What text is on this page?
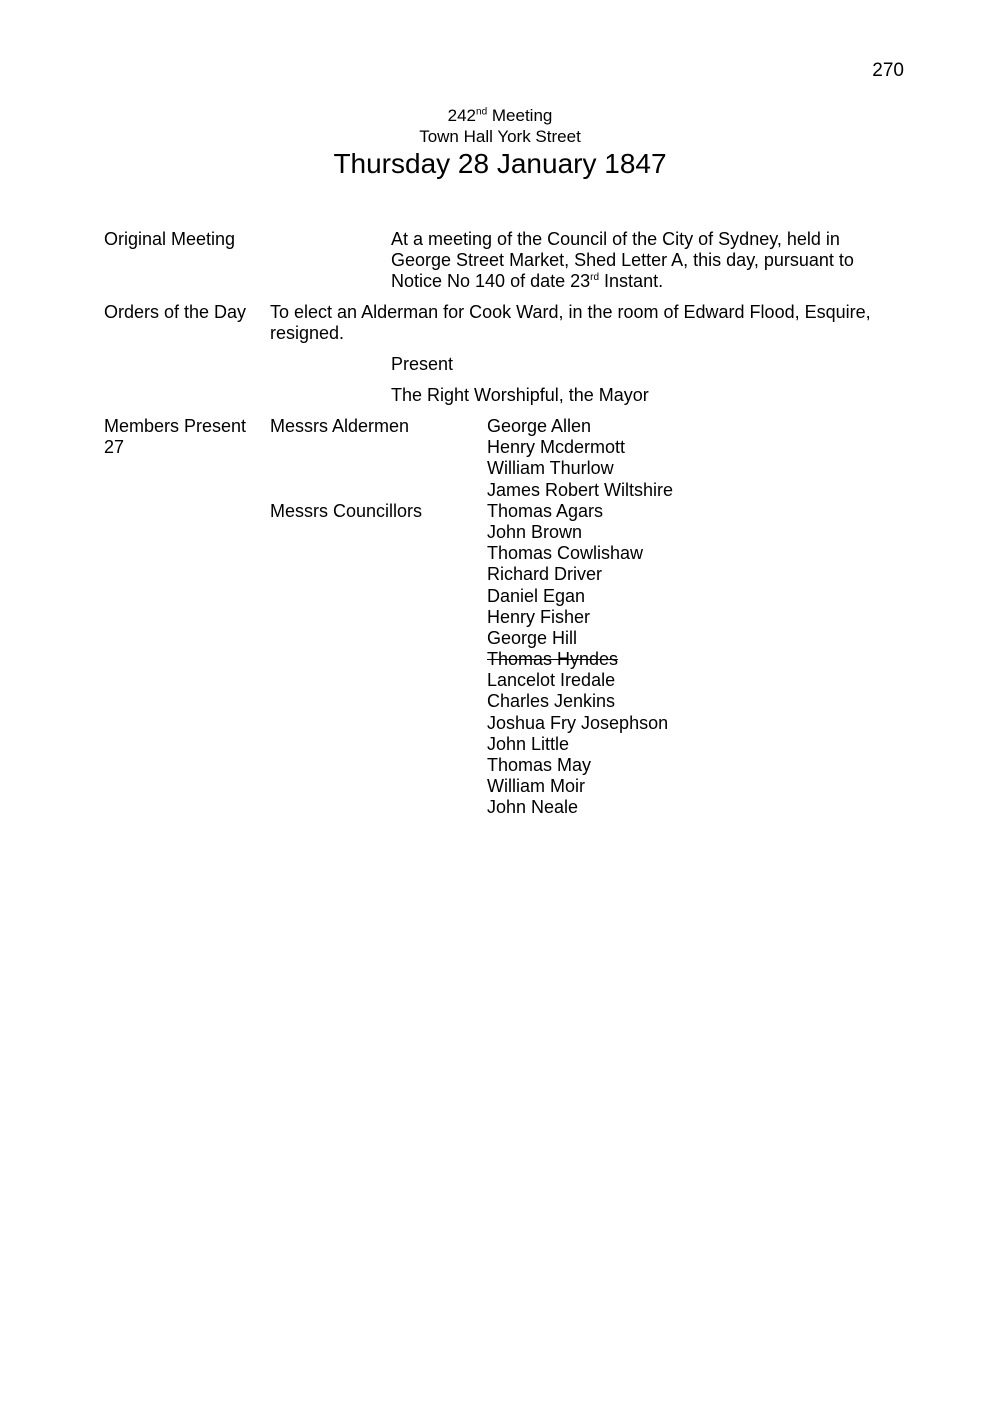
270
242nd Meeting
Town Hall York Street
Thursday 28 January 1847
Original Meeting	At a meeting of the Council of the City of Sydney, held in
George Street Market, Shed Letter A, this day, pursuant to
Notice No 140 of date 23rd Instant.
Orders of the Day To elect an Alderman for Cook Ward, in the room of Edward Flood, Esquire,
resigned.
Present
The Right Worshipful, the Mayor
Members Present
27
Messrs Aldermen
Messrs Councillors
George Allen
Henry Mcdermott
William Thurlow
James Robert Wiltshire
Thomas Agars
John Brown
Thomas Cowlishaw
Richard Driver
Daniel Egan
Henry Fisher
George Hill
Thomas Hyndes
Lancelot Iredale
Charles Jenkins
Joshua Fry Josephson
John Little
Thomas May
William Moir
John Neale
